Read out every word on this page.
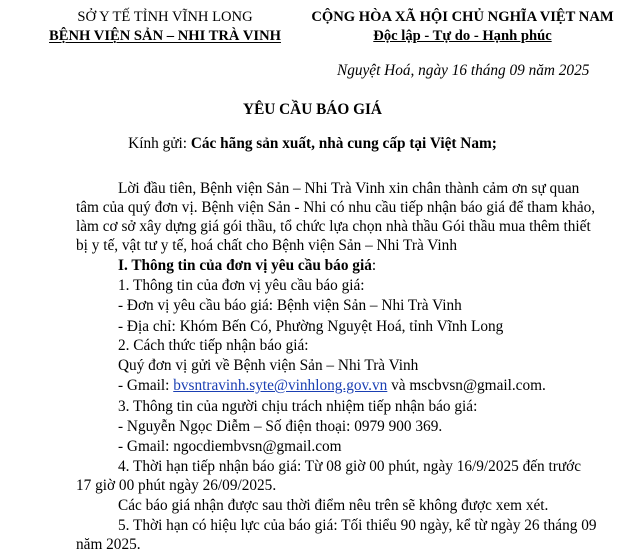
SỞ Y TẾ TỈNH VĨNH LONG
BỆNH VIỆN SẢN – NHI TRÀ VINH
CỘNG HÒA XÃ HỘI CHỦ NGHĨA VIỆT NAM
Độc lập - Tự do - Hạnh phúc
Nguyệt Hoá, ngày 16 tháng 09 năm 2025
YÊU CẦU BÁO GIÁ
Kính gửi: Các hãng sản xuất, nhà cung cấp tại Việt Nam;
Lời đầu tiên, Bệnh viện Sản – Nhi Trà Vinh xin chân thành cảm ơn sự quan
tâm của quý đơn vị. Bệnh viện Sản - Nhi có nhu cầu tiếp nhận báo giá để tham khảo,
làm cơ sở xây dựng giá gói thầu, tổ chức lựa chọn nhà thầu Gói thầu mua thêm thiết
bị y tế, vật tư y tế, hoá chất cho Bệnh viện Sản – Nhi Trà Vinh
I. Thông tin của đơn vị yêu cầu báo giá:
1. Thông tin của đơn vị yêu cầu báo giá:
- Đơn vị yêu cầu báo giá: Bệnh viện Sản – Nhi Trà Vinh
- Địa chỉ: Khóm Bến Có, Phường Nguyệt Hoá, tỉnh Vĩnh Long
2. Cách thức tiếp nhận báo giá:
Quý đơn vị gửi về Bệnh viện Sản – Nhi Trà Vinh
- Gmail: bvsntravinh.syte@vinhlong.gov.vn và mscbvsn@gmail.com.
3. Thông tin của người chịu trách nhiệm tiếp nhận báo giá:
- Nguyễn Ngọc Diễm – Số điện thoại: 0979 900 369.
- Gmail: ngocdiembvsn@gmail.com
4. Thời hạn tiếp nhận báo giá: Từ 08 giờ 00 phút, ngày 16/9/2025 đến trước
17 giờ 00 phút ngày 26/09/2025.
Các báo giá nhận được sau thời điểm nêu trên sẽ không được xem xét.
5. Thời hạn có hiệu lực của báo giá: Tối thiểu 90 ngày, kể từ ngày 26 tháng 09
năm 2025.
